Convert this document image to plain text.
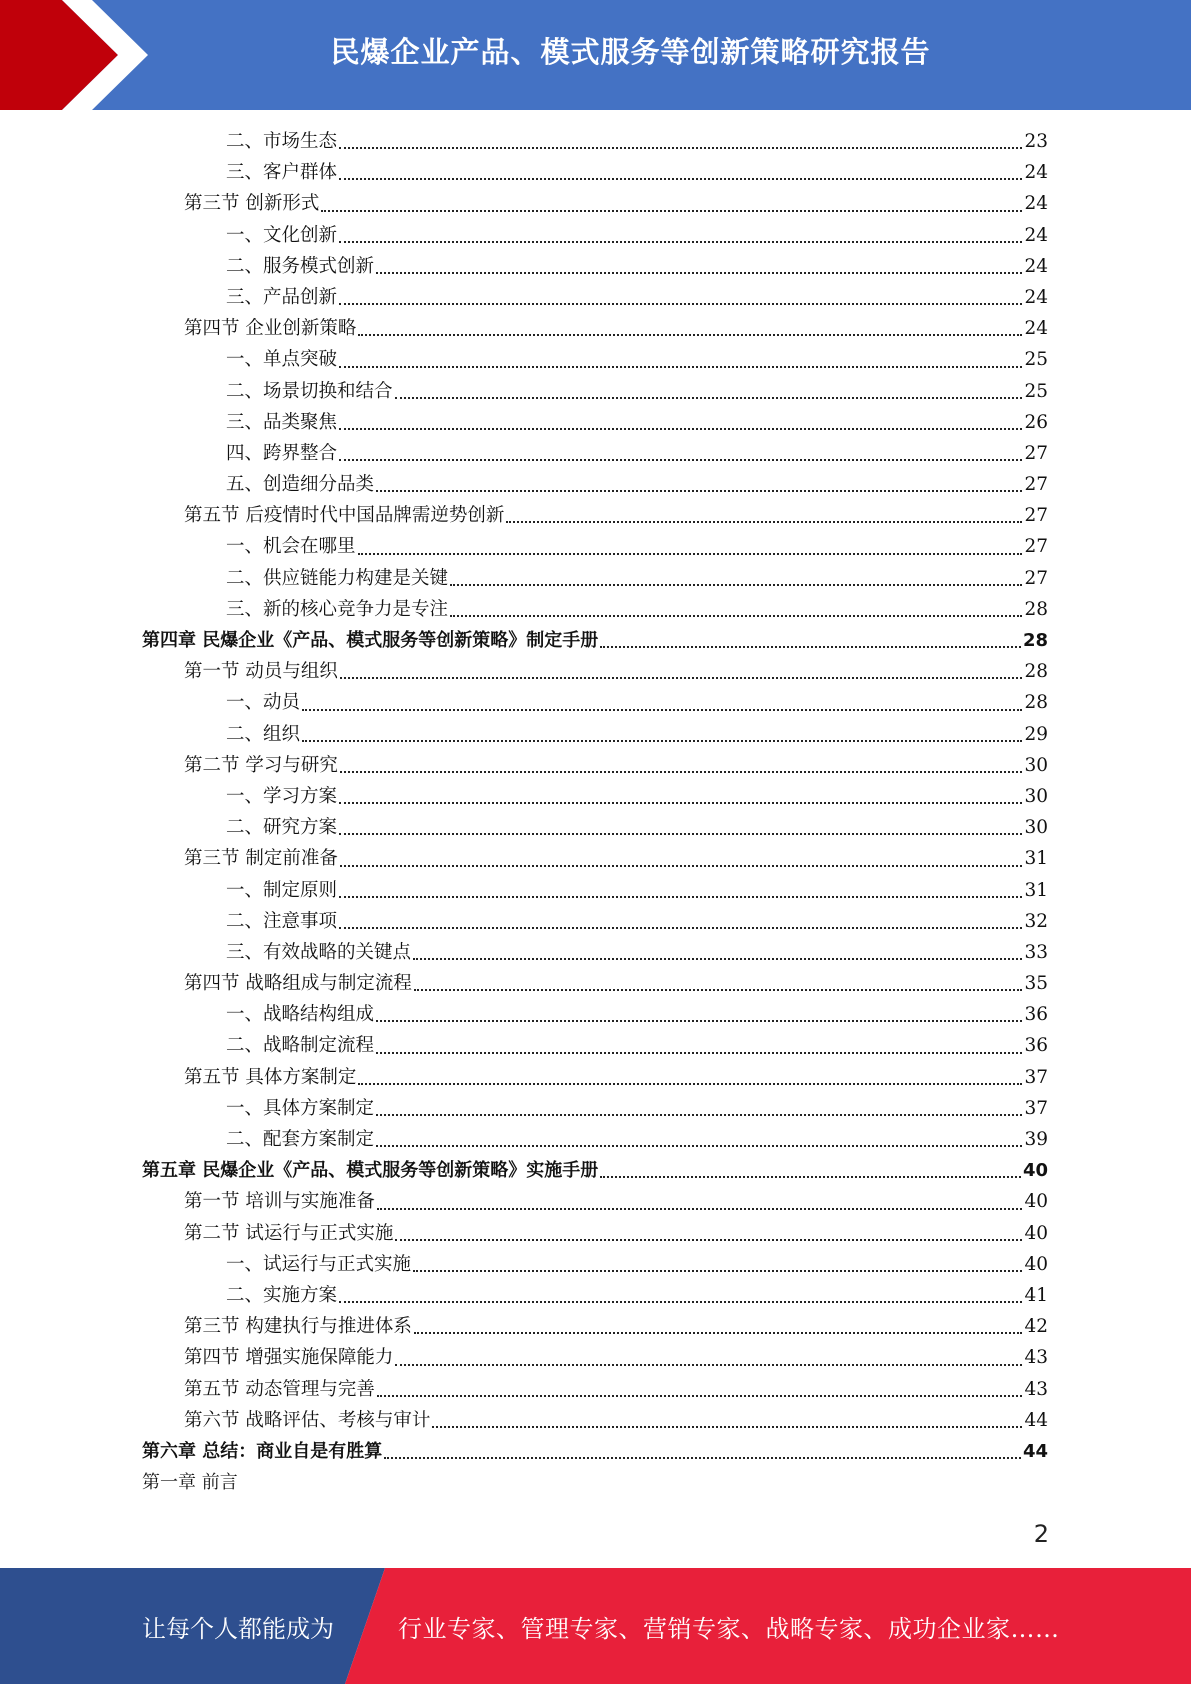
民爆企业产品、模式服务等创新策略研究报告
二、市场生态	23
三、客户群体	24
第三节 创新形式	24
一、文化创新	24
二、服务模式创新	24
三、产品创新	24
第四节 企业创新策略	24
一、单点突破	25
二、场景切换和结合	25
三、品类聚焦	26
四、跨界整合	27
五、创造细分品类	27
第五节 后疫情时代中国品牌需逆势创新	27
一、机会在哪里	27
二、供应链能力构建是关键	27
三、新的核心竞争力是专注	28
第四章 民爆企业《产品、模式服务等创新策略》制定手册	28
第一节 动员与组织	28
一、动员	28
二、组织	29
第二节 学习与研究	30
一、学习方案	30
二、研究方案	30
第三节 制定前准备	31
一、制定原则	31
二、注意事项	32
三、有效战略的关键点	33
第四节 战略组成与制定流程	35
一、战略结构组成	36
二、战略制定流程	36
第五节 具体方案制定	37
一、具体方案制定	37
二、配套方案制定	39
第五章 民爆企业《产品、模式服务等创新策略》实施手册	40
第一节 培训与实施准备	40
第二节 试运行与正式实施	40
一、试运行与正式实施	40
二、实施方案	41
第三节 构建执行与推进体系	42
第四节 增强实施保障能力	43
第五节 动态管理与完善	43
第六节 战略评估、考核与审计	44
第六章 总结：商业自是有胜算	44
第一章 前言
2
让每个人都能成为	行业专家、管理专家、营销专家、战略专家、成功企业家……
